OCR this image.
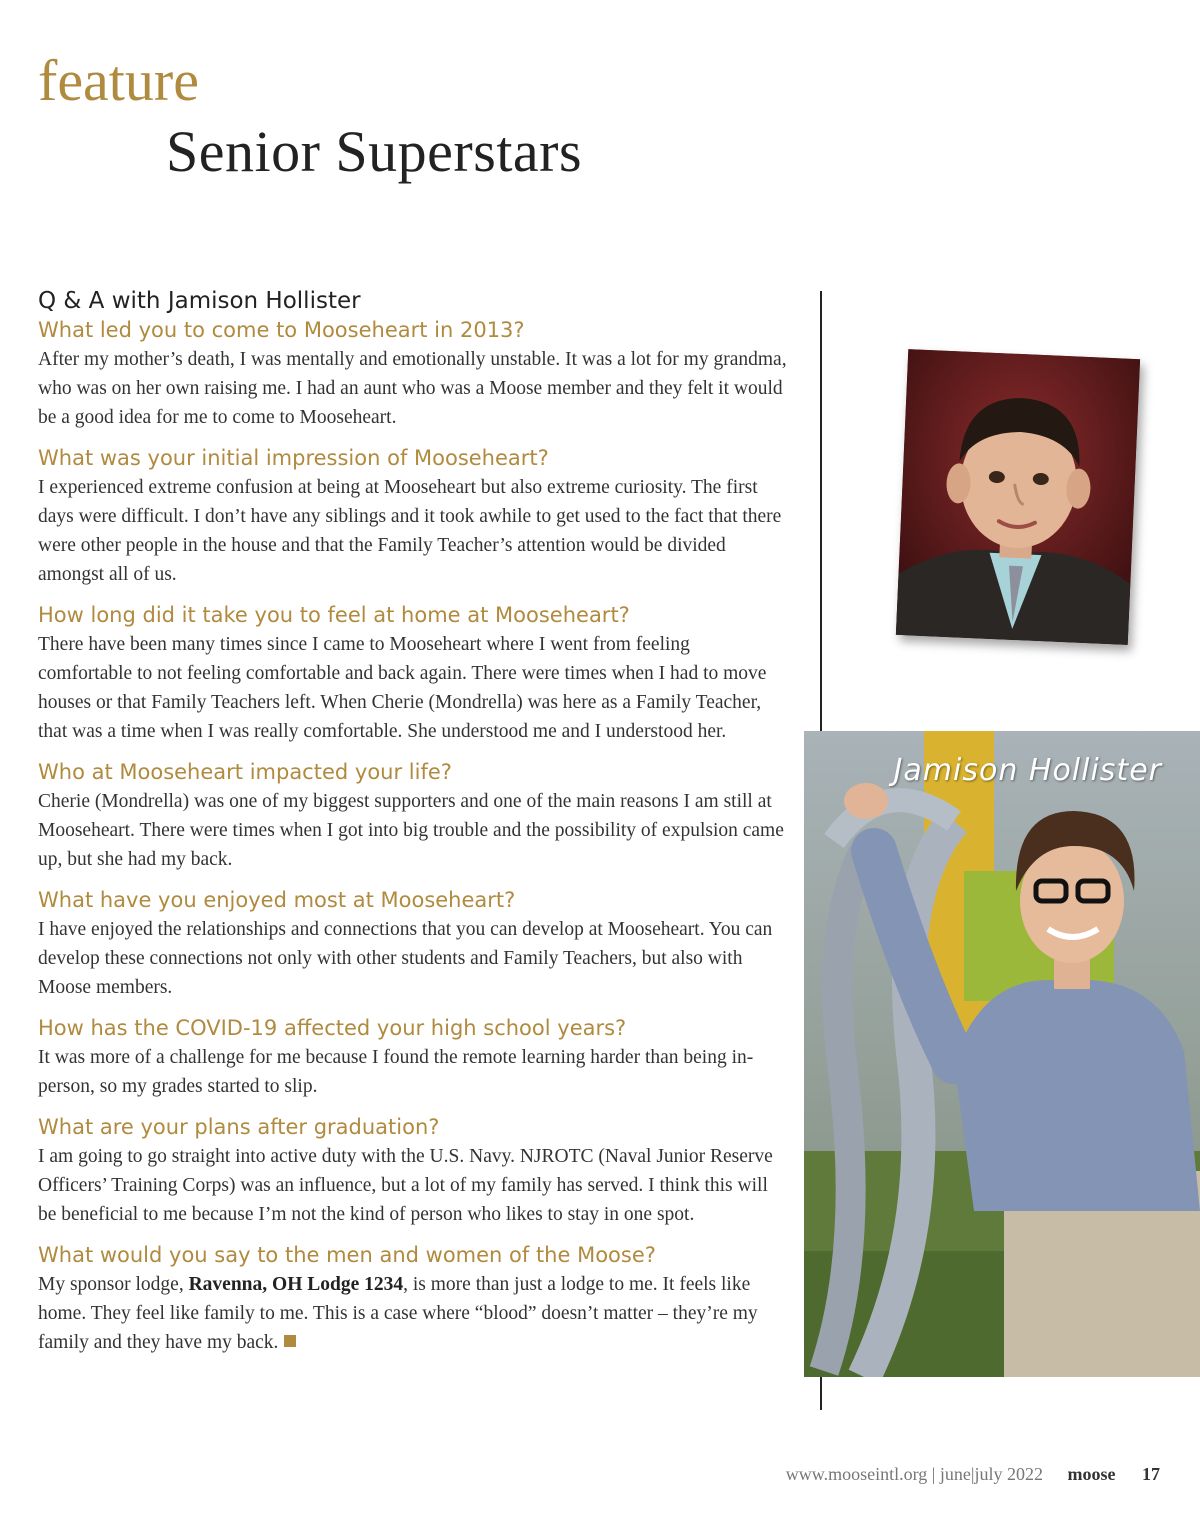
feature
Senior Superstars

Q & A with Jamison Hollister

What led you to come to Mooseheart in 2013?

After my mother’s death, I was mentally and emotionally unstable. It was a lot for my grandma, who was on her own raising me. I had an aunt who was a Moose member and they felt it would be a good idea for me to come to Mooseheart.

What was your initial impression of Mooseheart?

I experienced extreme confusion at being at Mooseheart but also extreme curiosity. The first days were difficult. I don’t have any siblings and it took awhile to get used to the fact that there were other people in the house and that the Family Teacher’s attention would be divided amongst all of us.

How long did it take you to feel at home at Mooseheart?

There have been many times since I came to Mooseheart where I went from feeling comfortable to not feeling comfortable and back again. There were times when I had to move houses or that Family Teachers left. When Cherie (Mondrella) was here as a Family Teacher, that was a time when I was really comfortable. She understood me and I understood her.

Who at Mooseheart impacted your life?

Cherie (Mondrella) was one of my biggest supporters and one of the main reasons I am still at Mooseheart. There were times when I got into big trouble and the possibility of expulsion came up, but she had my back.

What have you enjoyed most at Mooseheart?

I have enjoyed the relationships and connections that you can develop at Mooseheart. You can develop these connections not only with other students and Family Teachers, but also with Moose members.

How has the COVID-19 affected your high school years?

It was more of a challenge for me because I found the remote learning harder than being in-person, so my grades started to slip.

What are your plans after graduation?

I am going to go straight into active duty with the U.S. Navy. NJROTC (Naval Junior Reserve Officers’ Training Corps) was an influence, but a lot of my family has served. I think this will be beneficial to me because I’m not the kind of person who likes to stay in one spot.

What would you say to the men and women of the Moose?

My sponsor lodge, Ravenna, OH Lodge 1234, is more than just a lodge to me. It feels like home. They feel like family to me. This is a case where “blood” doesn’t matter – they’re my family and they have my back.

Jamison Hollister
www.mooseintl.org | june|july 2022 moose 17
